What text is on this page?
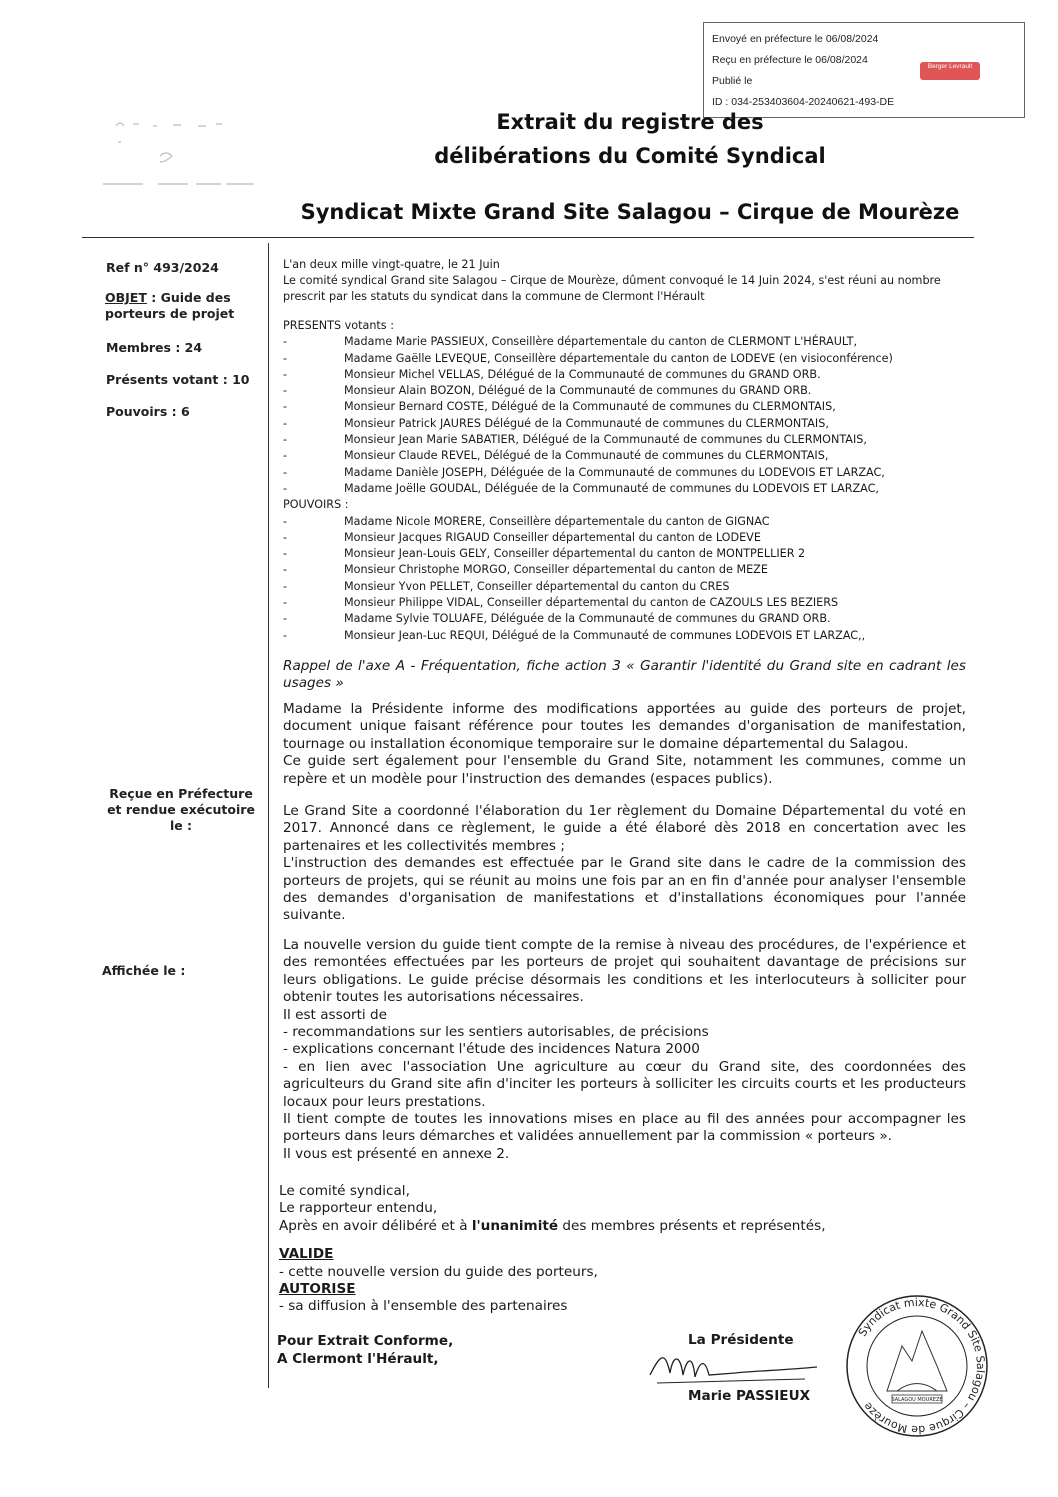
Envoyé en préfecture le 06/08/2024
Reçu en préfecture le 06/08/2024
Publié le
ID : 034-253403604-20240621-493-DE
Berger Levrault
Extrait du registre des
délibérations du Comité Syndical
Syndicat Mixte Grand Site Salagou – Cirque de Mourèze
Ref n° 493/2024
OBJET : Guide des porteurs de projet
Membres : 24
Présents votant : 10
Pouvoirs : 6
Reçue en Préfecture et rendue exécutoire le :
Affichée le :
L'an deux mille vingt-quatre, le 21 Juin
Le comité syndical Grand site Salagou – Cirque de Mourèze, dûment convoqué le 14 Juin 2024, s'est réuni au nombre prescrit par les statuts du syndicat dans la commune de Clermont l'Hérault
PRESENTS votants :
-	Madame Marie PASSIEUX, Conseillère départementale du canton de CLERMONT L'HÉRAULT,
-	Madame Gaëlle LEVEQUE, Conseillère départementale du canton de LODEVE (en visioconférence)
-	Monsieur Michel VELLAS, Délégué de la Communauté de communes du GRAND ORB.
-	Monsieur Alain BOZON, Délégué de la Communauté de communes du GRAND ORB.
-	Monsieur Bernard COSTE, Délégué de la Communauté de communes du CLERMONTAIS,
-	Monsieur Patrick JAURES Délégué de la Communauté de communes du CLERMONTAIS,
-	Monsieur Jean Marie SABATIER, Délégué de la Communauté de communes du CLERMONTAIS,
-	Monsieur Claude REVEL, Délégué de la Communauté de communes du CLERMONTAIS,
-	Madame Danièle JOSEPH, Déléguée de la Communauté de communes du LODEVOIS ET LARZAC,
-	Madame Joëlle GOUDAL, Déléguée de la Communauté de communes du LODEVOIS ET LARZAC,
POUVOIRS :
-	Madame Nicole MORERE, Conseillère départementale du canton de GIGNAC
-	Monsieur Jacques RIGAUD Conseiller départemental du canton de LODEVE
-	Monsieur Jean-Louis GELY, Conseiller départemental du canton de MONTPELLIER 2
-	Monsieur Christophe MORGO, Conseiller départemental du canton de MEZE
-	Monsieur Yvon PELLET, Conseiller départemental du canton du CRES
-	Monsieur Philippe VIDAL, Conseiller départemental du canton de CAZOULS LES BEZIERS
-	Madame Sylvie TOLUAFE, Déléguée de la Communauté de communes du GRAND ORB.
-	Monsieur Jean-Luc REQUI, Délégué de la Communauté de communes LODEVOIS ET LARZAC,,
Rappel de l'axe A - Fréquentation, fiche action 3 « Garantir l'identité du Grand site en cadrant les usages »
Madame la Présidente informe des modifications apportées au guide des porteurs de projet, document unique faisant référence pour toutes les demandes d'organisation de manifestation, tournage ou installation économique temporaire sur le domaine départemental du Salagou.
Ce guide sert également pour l'ensemble du Grand Site, notamment les communes, comme un repère et un modèle pour l'instruction des demandes (espaces publics).
Le Grand Site a coordonné l'élaboration du 1er règlement du Domaine Départemental du voté en 2017. Annoncé dans ce règlement, le guide a été élaboré dès 2018 en concertation avec les partenaires et les collectivités membres ;
L'instruction des demandes est effectuée par le Grand site dans le cadre de la commission des porteurs de projets, qui se réunit au moins une fois par an en fin d'année pour analyser l'ensemble des demandes d'organisation de manifestations et d'installations économiques pour l'année suivante.
La nouvelle version du guide tient compte de la remise à niveau des procédures, de l'expérience et des remontées effectuées par les porteurs de projet qui souhaitent davantage de précisions sur leurs obligations. Le guide précise désormais les conditions et les interlocuteurs à solliciter pour obtenir toutes les autorisations nécessaires.
Il est assorti de
- recommandations sur les sentiers autorisables, de précisions
- explications concernant l'étude des incidences Natura 2000
- en lien avec l'association Une agriculture au cœur du Grand site, des coordonnées des agriculteurs du Grand site afin d'inciter les porteurs à solliciter les circuits courts et les producteurs locaux pour leurs prestations.
Il tient compte de toutes les innovations mises en place au fil des années pour accompagner les porteurs dans leurs démarches et validées annuellement par la commission « porteurs ».
Il vous est présenté en annexe 2.
Le comité syndical,
Le rapporteur entendu,
Après en avoir délibéré et à l'unanimité des membres présents et représentés,
VALIDE
- cette nouvelle version du guide des porteurs,
AUTORISE
- sa diffusion à l'ensemble des partenaires
Pour Extrait Conforme,
A Clermont l'Hérault,
La Présidente
Marie PASSIEUX	SALAGOU MOUREZE
Syndicat mixte Grand Site Salagou – Cirque de Mourèze
